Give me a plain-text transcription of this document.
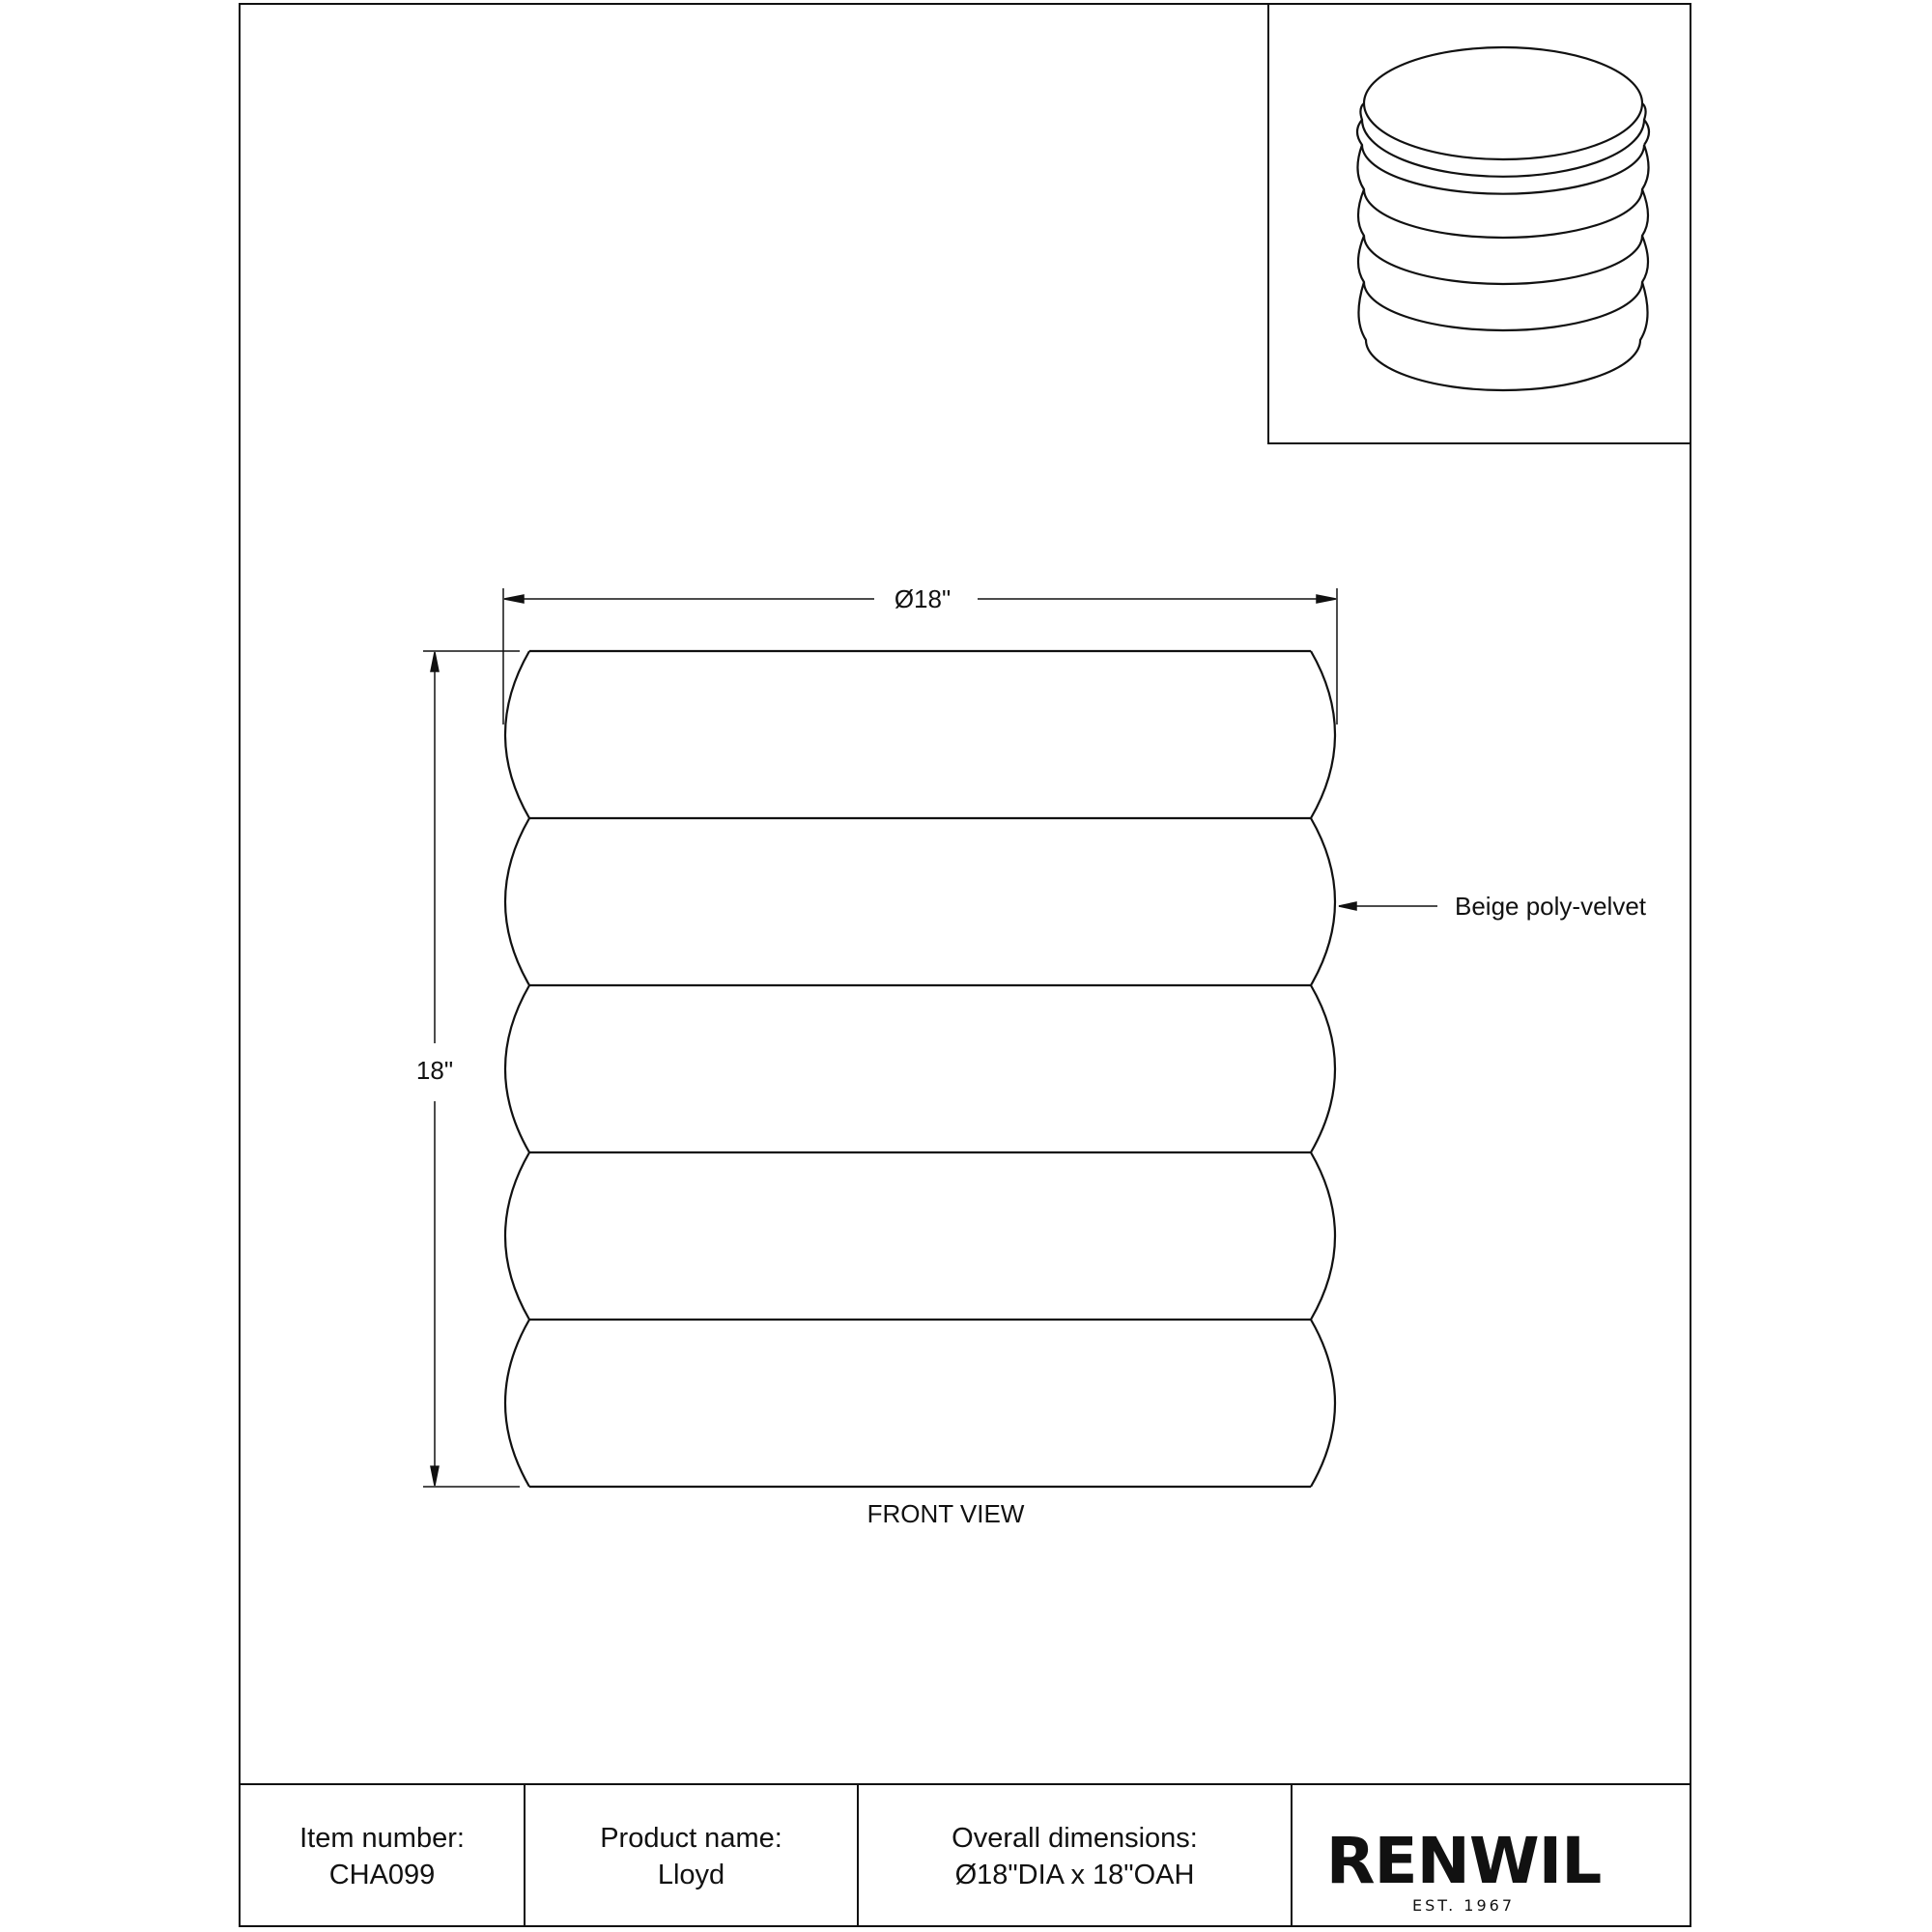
Ø18"
18"
Beige poly-velvet
FRONT VIEW
Item number:
CHA099
Product name:
Lloyd
Overall dimensions:
Ø18"DIA x 18"OAH	RENWIL
EST. 1967
